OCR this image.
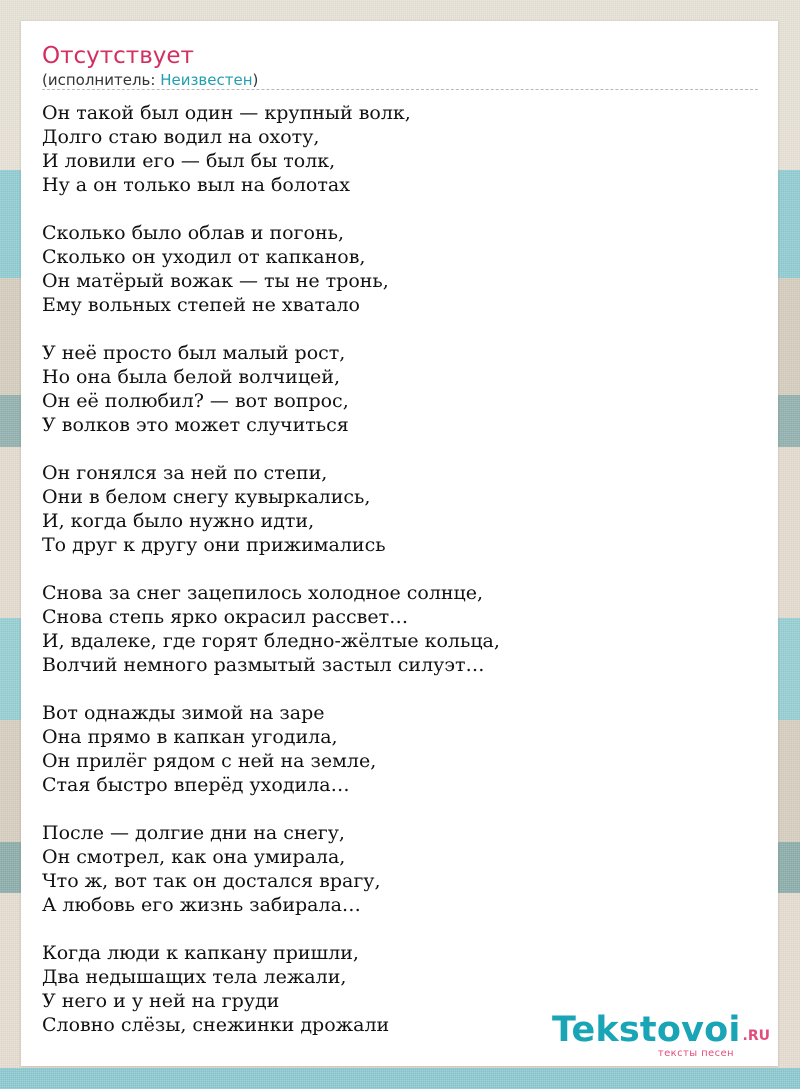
Отсутствует
(исполнитель: Неизвестен)
Он такой был один — крупный волк,
Долго стаю водил на охоту,
И ловили его — был бы толк,
Ну а он только выл на болотах
Сколько было облав и погонь,
Сколько он уходил от капканов,
Он матёрый вожак — ты не тронь,
Ему вольных степей не хватало
У неё просто был малый рост,
Но она была белой волчицей,
Он её полюбил? — вот вопрос,
У волков это может случиться
Он гонялся за ней по степи,
Они в белом снегу кувыркались,
И, когда было нужно идти,
То друг к другу они прижимались
Снова за снег зацепилось холодное солнце,
Снова степь ярко окрасил рассвет…
И, вдалеке, где горят бледно-жёлтые кольца,
Волчий немного размытый застыл силуэт…
Вот однажды зимой на заре
Она прямо в капкан угодила,
Он прилёг рядом с ней на земле,
Стая быстро вперёд уходила…
После — долгие дни на снегу,
Он смотрел, как она умирала,
Что ж, вот так он достался врагу,
А любовь его жизнь забирала…
Когда люди к капкану пришли,
Два недышащих тела лежали,
У него и у ней на груди
Словно слёзы, снежинки дрожали	Tekstovoi .RU
тексты песен
